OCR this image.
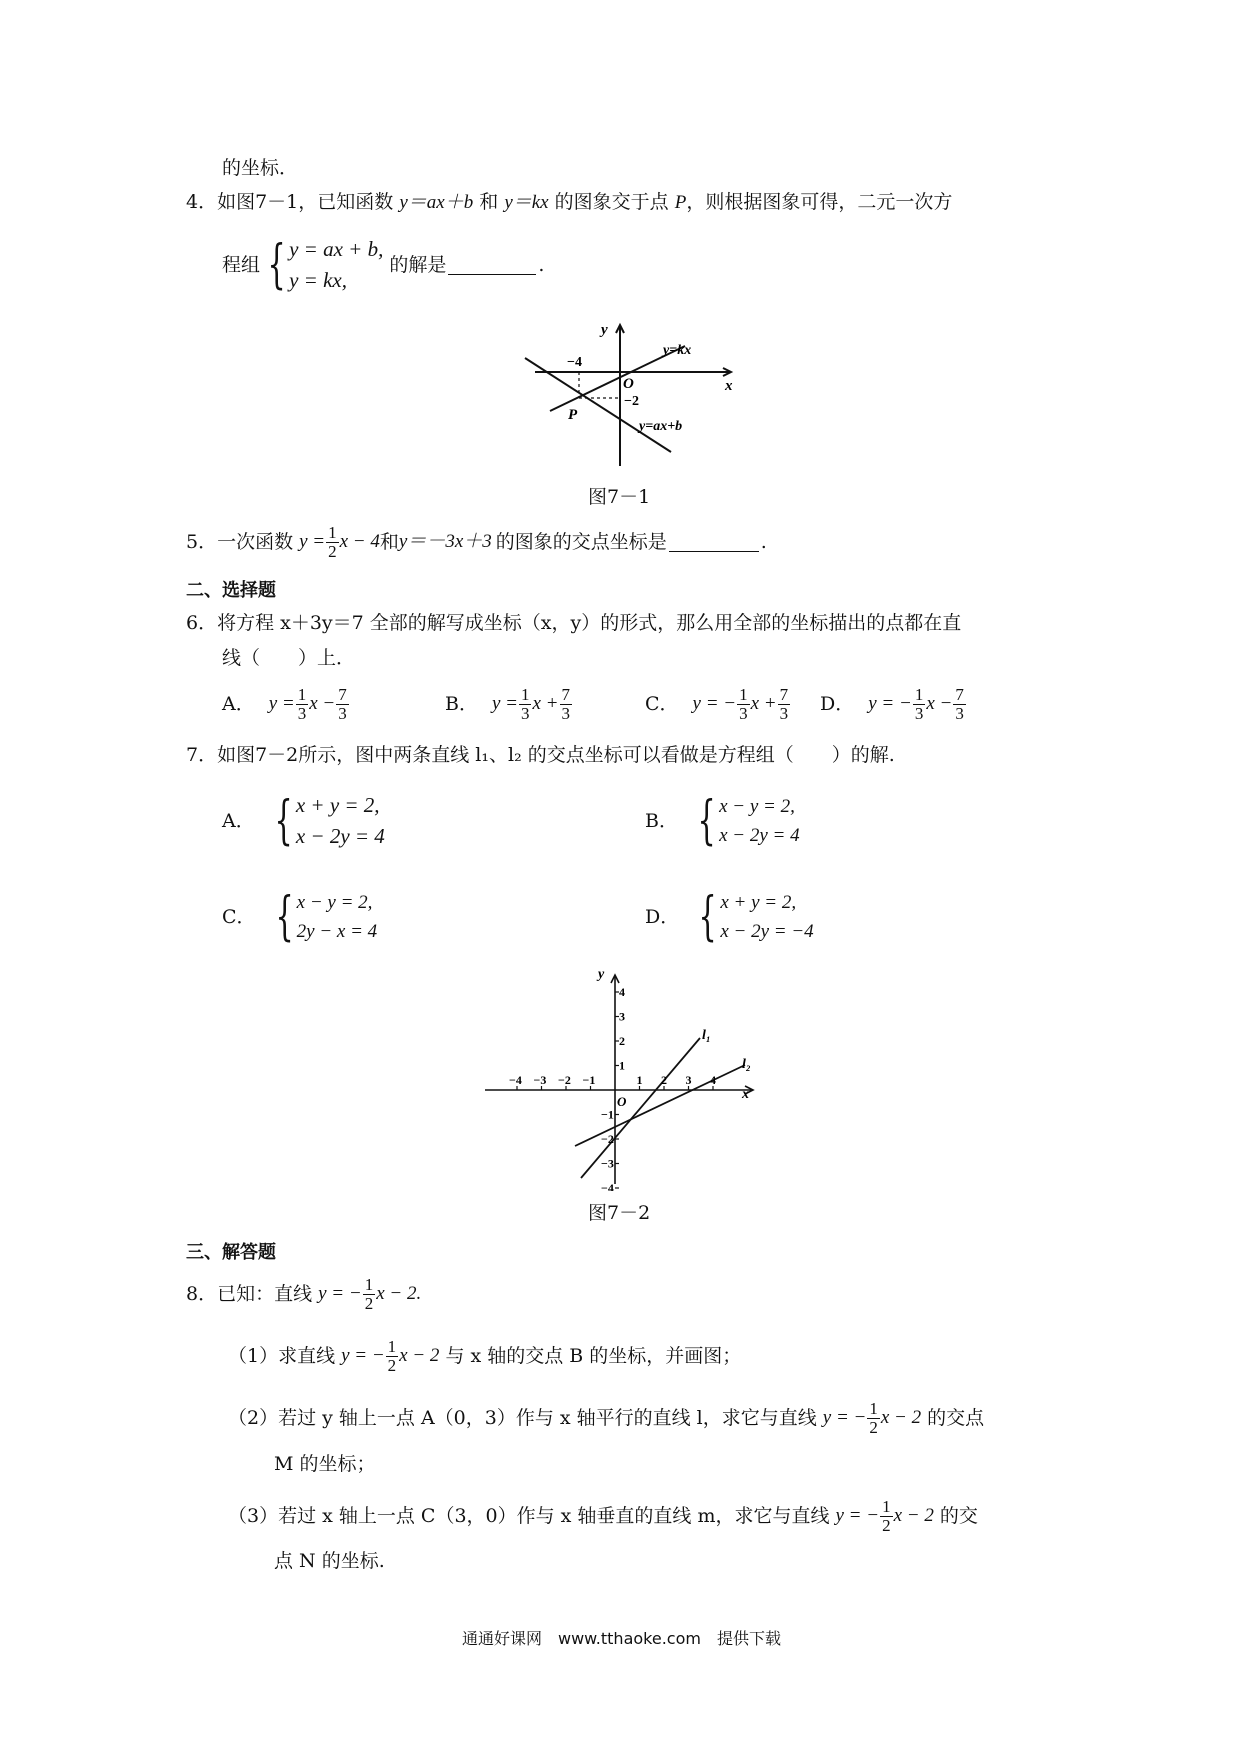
的坐标．
4．如图7－1，已知函数 y＝ax＋b 和 y＝kx 的图象交于点 P，则根据图象可得，二元一次方
程组 { y = ax + b,
y = kx,
的解是	.
y
x
O
−4
−2
P
y=kx
y=ax+b
图7－1
5． 一次函数 $y = \frac{1}{2}$ x − 4 和 y＝－3x＋3 的图象的交点坐标是	.
二、选择题
6．将方程 x＋3y＝7 全部的解写成坐标（x，y）的形式，那么用全部的坐标描出的点都在直
线（　　）上．
A． $y = \frac{1}{3}$ $x - \frac{7}{3}$	B． $y = \frac{1}{3}$ $x + \frac{7}{3}$	C． y = − $\frac{1}{3}$ $x + \frac{7}{3}$ D． y = − $\frac{1}{3}$ $x - \frac{7}{3}$
7．如图7－2所示，图中两条直线 l₁、l₂ 的交点坐标可以看做是方程组（　　）的解.
A． { x + y = 2,
x − 2y = 4
B． { x − y = 2,
x − 2y = 4
C． { x − y = 2,
2y − x = 4
D． { x + y = 2,
x − 2y = −4
−4 −3 −2 −1	1 2 3 4
4
3
2
1
−1
−2
−3
−4
y
x
O
l₁
l₂
图7－2
三、解答题
8． 已知：直线 y = − $\frac{1}{2}$ x − 2.
（1）求直线 y = − $\frac{1}{2}$ x − 2 与 x 轴的交点 B 的坐标，并画图；
（2）若过 y 轴上一点 A（0，3）作与 x 轴平行的直线 l，求它与直线 y = − $\frac{1}{2}$ x − 2 的交点
M 的坐标；
（3）若过 x 轴上一点 C（3，0）作与 x 轴垂直的直线 m，求它与直线 y = − $\frac{1}{2}$ x − 2 的交
点 N 的坐标.
通通好课网　www.tthaoke.com　提供下载
